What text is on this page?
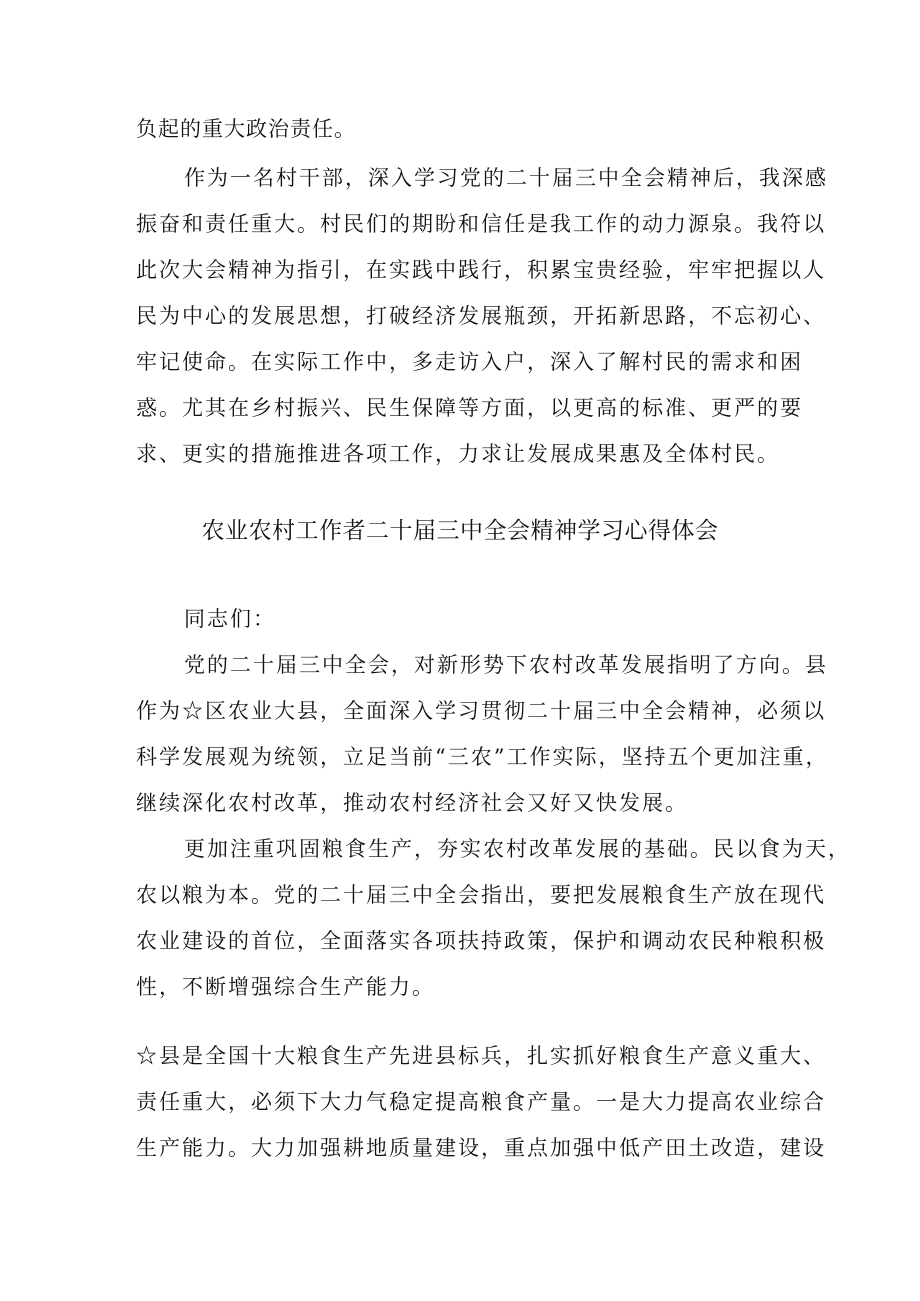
负起的重大政治责任。
作为一名村干部，深入学习党的二十届三中全会精神后，我深感
振奋和责任重大。村民们的期盼和信任是我工作的动力源泉。我符以
此次大会精神为指引，在实践中践行，积累宝贵经验，牢牢把握以人
民为中心的发展思想，打破经济发展瓶颈，开拓新思路，不忘初心、
牢记使命。在实际工作中，多走访入户，深入了解村民的需求和困
惑。尤其在乡村振兴、民生保障等方面，以更高的标准、更严的要
求、更实的措施推进各项工作，力求让发展成果惠及全体村民。
农业农村工作者二十届三中全会精神学习心得体会
同志们：
党的二十届三中全会，对新形势下农村改革发展指明了方向。县
作为☆区农业大县，全面深入学习贯彻二十届三中全会精神，必须以
科学发展观为统领，立足当前“三农”工作实际，坚持五个更加注重，
继续深化农村改革，推动农村经济社会又好又快发展。
更加注重巩固粮食生产，夯实农村改革发展的基础。民以食为天，
农以粮为本。党的二十届三中全会指出，要把发展粮食生产放在现代
农业建设的首位，全面落实各项扶持政策，保护和调动农民种粮积极
性，不断增强综合生产能力。
☆县是全国十大粮食生产先进县标兵，扎实抓好粮食生产意义重大、
责任重大，必须下大力气稳定提高粮食产量。一是大力提高农业综合
生产能力。大力加强耕地质量建设，重点加强中低产田土改造，建设
